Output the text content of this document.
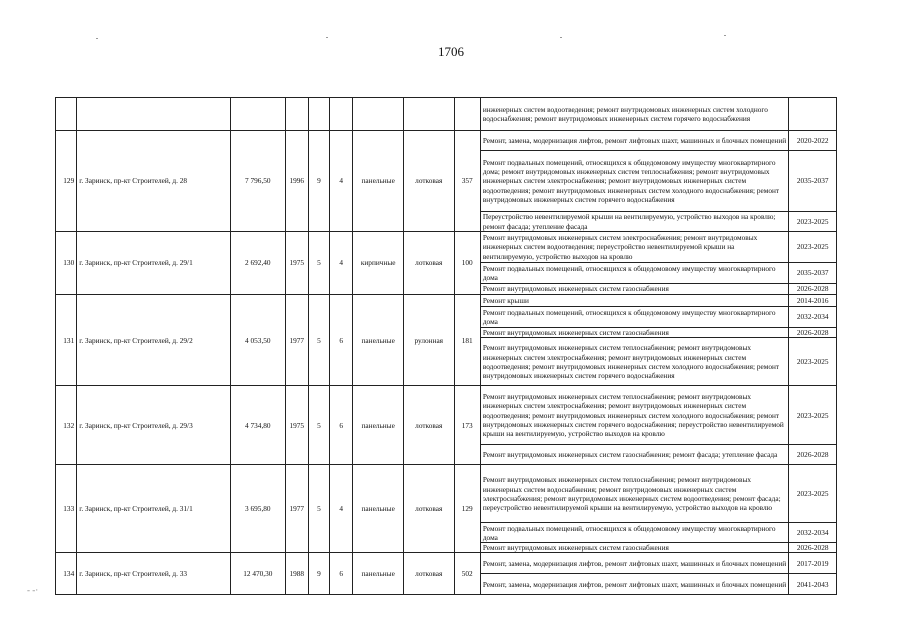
1706
									инженерных систем водоотведения; ремонт внутридомовых инженерных систем холодного водоснабжения; ремонт внутридомовых инженерных систем горячего водоснабжения	
129	г. Заринск, пр-кт Строителей, д. 28	7 796,50	1996	9	4	панельные	лотковая	357	Ремонт, замена, модернизация лифтов, ремонт лифтовых шахт, машинных и блочных помещений	2020-2022
									Ремонт подвальных помещений, относящихся к общедомовому имуществу многоквартирного дома; ремонт внутридомовых инженерных систем теплоснабжения; ремонт внутридомовых инженерных систем электроснабжения; ремонт внутридомовых инженерных систем водоотведения; ремонт внутридомовых инженерных систем холодного водоснабжения; ремонт внутридомовых инженерных систем горячего водоснабжения	2035-2037
									Переустройство невентилируемой крыши на вентилируемую, устройство выходов на кровлю; ремонт фасада; утепление фасада	2023-2025
130	г. Заринск, пр-кт Строителей, д. 29/1	2 692,40	1975	5	4	кирпичные	лотковая	100	Ремонт внутридомовых инженерных систем электроснабжения; ремонт внутридомовых инженерных систем водоотведения; переустройство невентилируемой крыши на вентилируемую, устройство выходов на кровлю	2023-2025
									Ремонт подвальных помещений, относящихся к общедомовому имуществу многоквартирного дома	2035-2037
									Ремонт внутридомовых инженерных систем газоснабжения	2026-2028
131	г. Заринск, пр-кт Строителей, д. 29/2	4 053,50	1977	5	6	панельные	рулонная	181	Ремонт крыши	2014-2016
									Ремонт подвальных помещений, относящихся к общедомовому имуществу многоквартирного дома	2032-2034
									Ремонт внутридомовых инженерных систем газоснабжения	2026-2028
									Ремонт внутридомовых инженерных систем теплоснабжения; ремонт внутридомовых инженерных систем электроснабжения; ремонт внутридомовых инженерных систем водоотведения; ремонт внутридомовых инженерных систем холодного водоснабжения; ремонт внутридомовых инженерных систем горячего водоснабжения	2023-2025
132	г. Заринск, пр-кт Строителей, д. 29/3	4 734,80	1975	5	6	панельные	лотковая	173	Ремонт внутридомовых инженерных систем теплоснабжения; ремонт внутридомовых инженерных систем электроснабжения; ремонт внутридомовых инженерных систем водоотведения; ремонт внутридомовых инженерных систем холодного водоснабжения; ремонт внутридомовых инженерных систем горячего водоснабжения; переустройство невентилируемой крыши на вентилируемую, устройство выходов на кровлю	2023-2025
									Ремонт внутридомовых инженерных систем газоснабжения; ремонт фасада; утепление фасада	2026-2028
133	г. Заринск, пр-кт Строителей, д. 31/1	3 695,80	1977	5	4	панельные	лотковая	129	Ремонт внутридомовых инженерных систем теплоснабжения; ремонт внутридомовых инженерных систем водоснабжения; ремонт внутридомовых инженерных систем электроснабжения; ремонт внутридомовых инженерных систем водоотведения; ремонт фасада; переустройство невентилируемой крыши на вентилируемую, устройство выходов на кровлю	2023-2025
									Ремонт подвальных помещений, относящихся к общедомовому имуществу многоквартирного дома	2032-2034
									Ремонт внутридомовых инженерных систем газоснабжения	2026-2028
134	г. Заринск, пр-кт Строителей, д. 33	12 470,30	1988	9	6	панельные	лотковая	502	Ремонт, замена, модернизация лифтов, ремонт лифтовых шахт, машинных и блочных помещений	2017-2019
									Ремонт, замена, модернизация лифтов, ремонт лифтовых шахт, машинных и блочных помещений	2041-2043
- -·
